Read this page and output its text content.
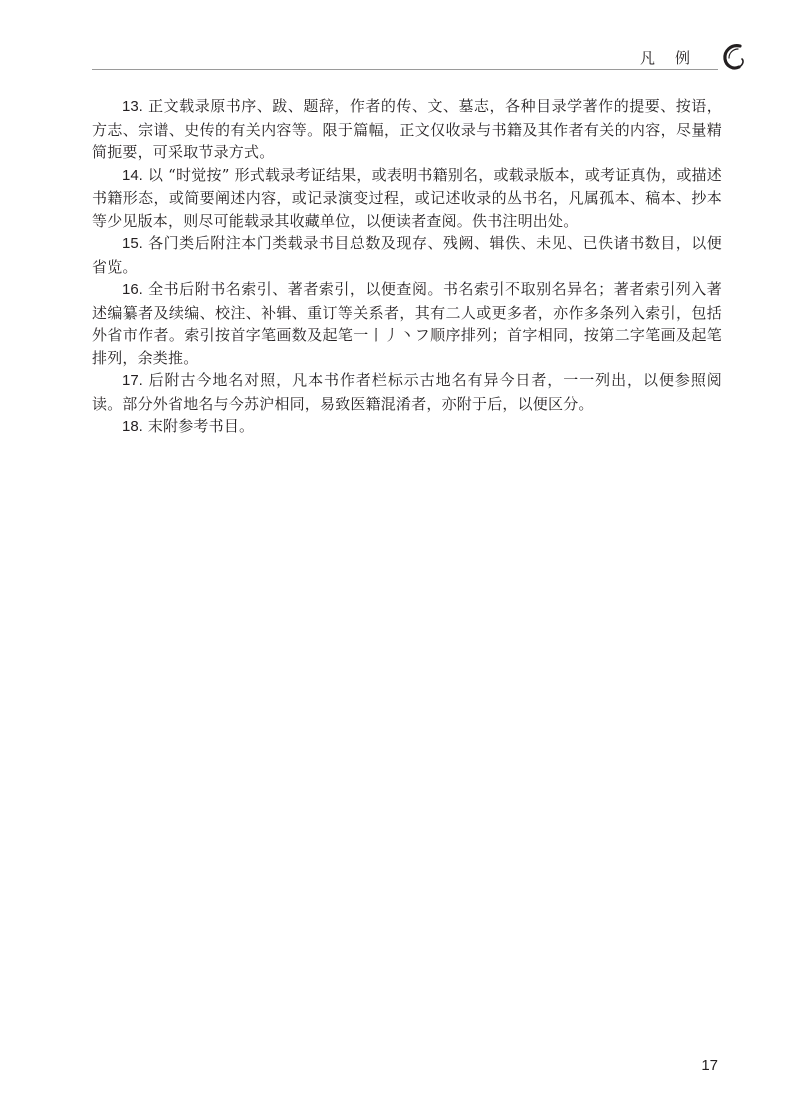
凡例

13. 正文载录原书序、跋、题辞，作者的传、文、墓志，各种目录学著作的提要、按语，方志、宗谱、史传的有关内容等。限于篇幅，正文仅收录与书籍及其作者有关的内容，尽量精简扼要，可采取节录方式。

14. 以 “时觉按” 形式载录考证结果，或表明书籍别名，或载录版本，或考证真伪，或描述书籍形态，或简要阐述内容，或记录演变过程，或记述收录的丛书名，凡属孤本、稿本、抄本等少见版本，则尽可能载录其收藏单位，以便读者查阅。佚书注明出处。

15. 各门类后附注本门类载录书目总数及现存、残阙、辑佚、未见、已佚诸书数目，以便省览。

16. 全书后附书名索引、著者索引，以便查阅。书名索引不取别名异名；著者索引列入著述编纂者及续编、校注、补辑、重订等关系者，其有二人或更多者，亦作多条列入索引，包括外省市作者。索引按首字笔画数及起笔一丨丿丶フ顺序排列；首字相同，按第二字笔画及起笔排列，余类推。

17. 后附古今地名对照，凡本书作者栏标示古地名有异今日者，一一列出，以便参照阅读。部分外省地名与今苏沪相同，易致医籍混淆者，亦附于后，以便区分。

18. 末附参考书目。

17
